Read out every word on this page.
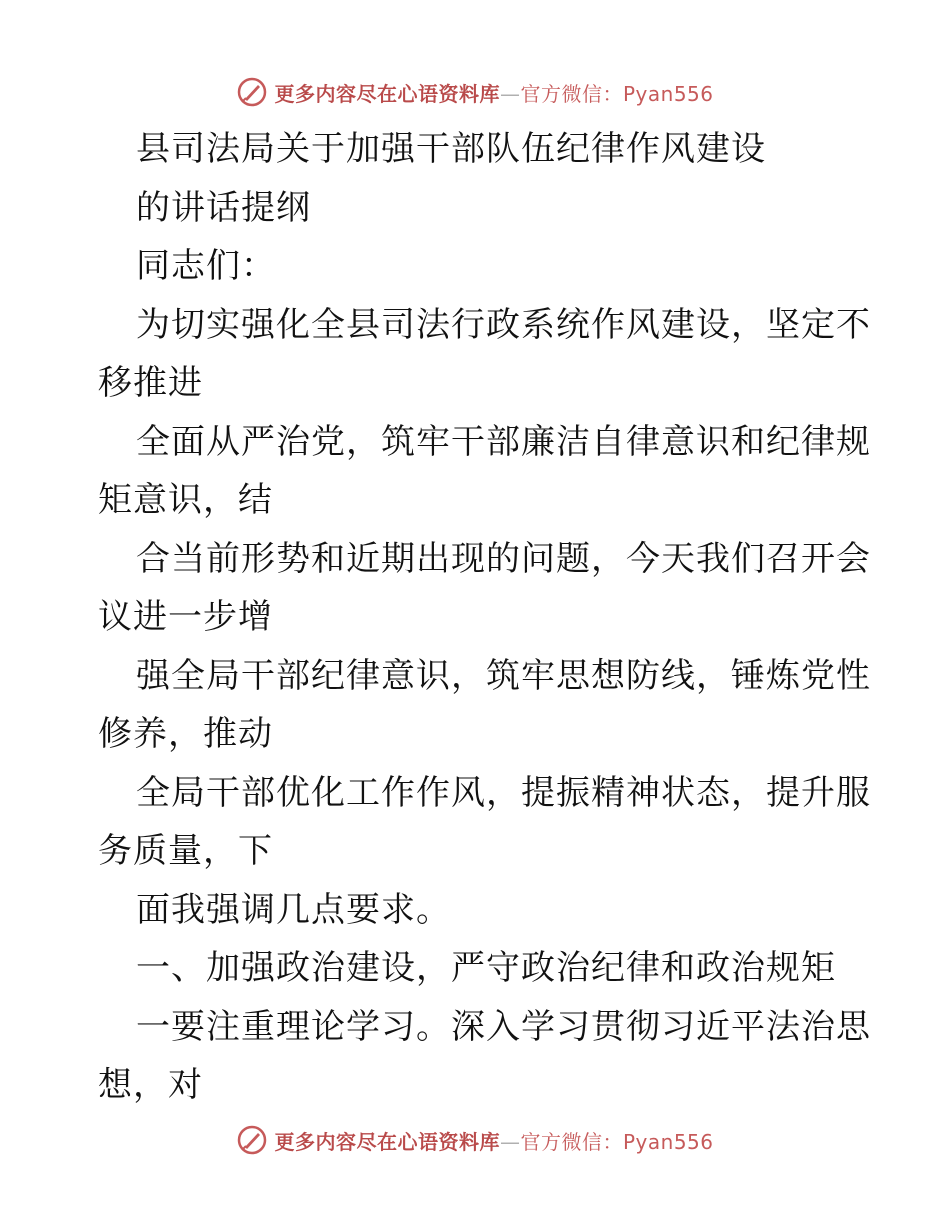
更多内容尽在心语资料库—官方微信：Pyan556
县司法局关于加强干部队伍纪律作风建设
的讲话提纲
同志们：
为切实强化全县司法行政系统作风建设，坚定不
移推进
全面从严治党，筑牢干部廉洁自律意识和纪律规
矩意识，结
合当前形势和近期出现的问题，今天我们召开会
议进一步增
强全局干部纪律意识，筑牢思想防线，锤炼党性
修养，推动
全局干部优化工作作风，提振精神状态，提升服
务质量，下
面我强调几点要求。
一、加强政治建设，严守政治纪律和政治规矩
一要注重理论学习。深入学习贯彻习近平法治思
想，对
更多内容尽在心语资料库—官方微信：Pyan556
